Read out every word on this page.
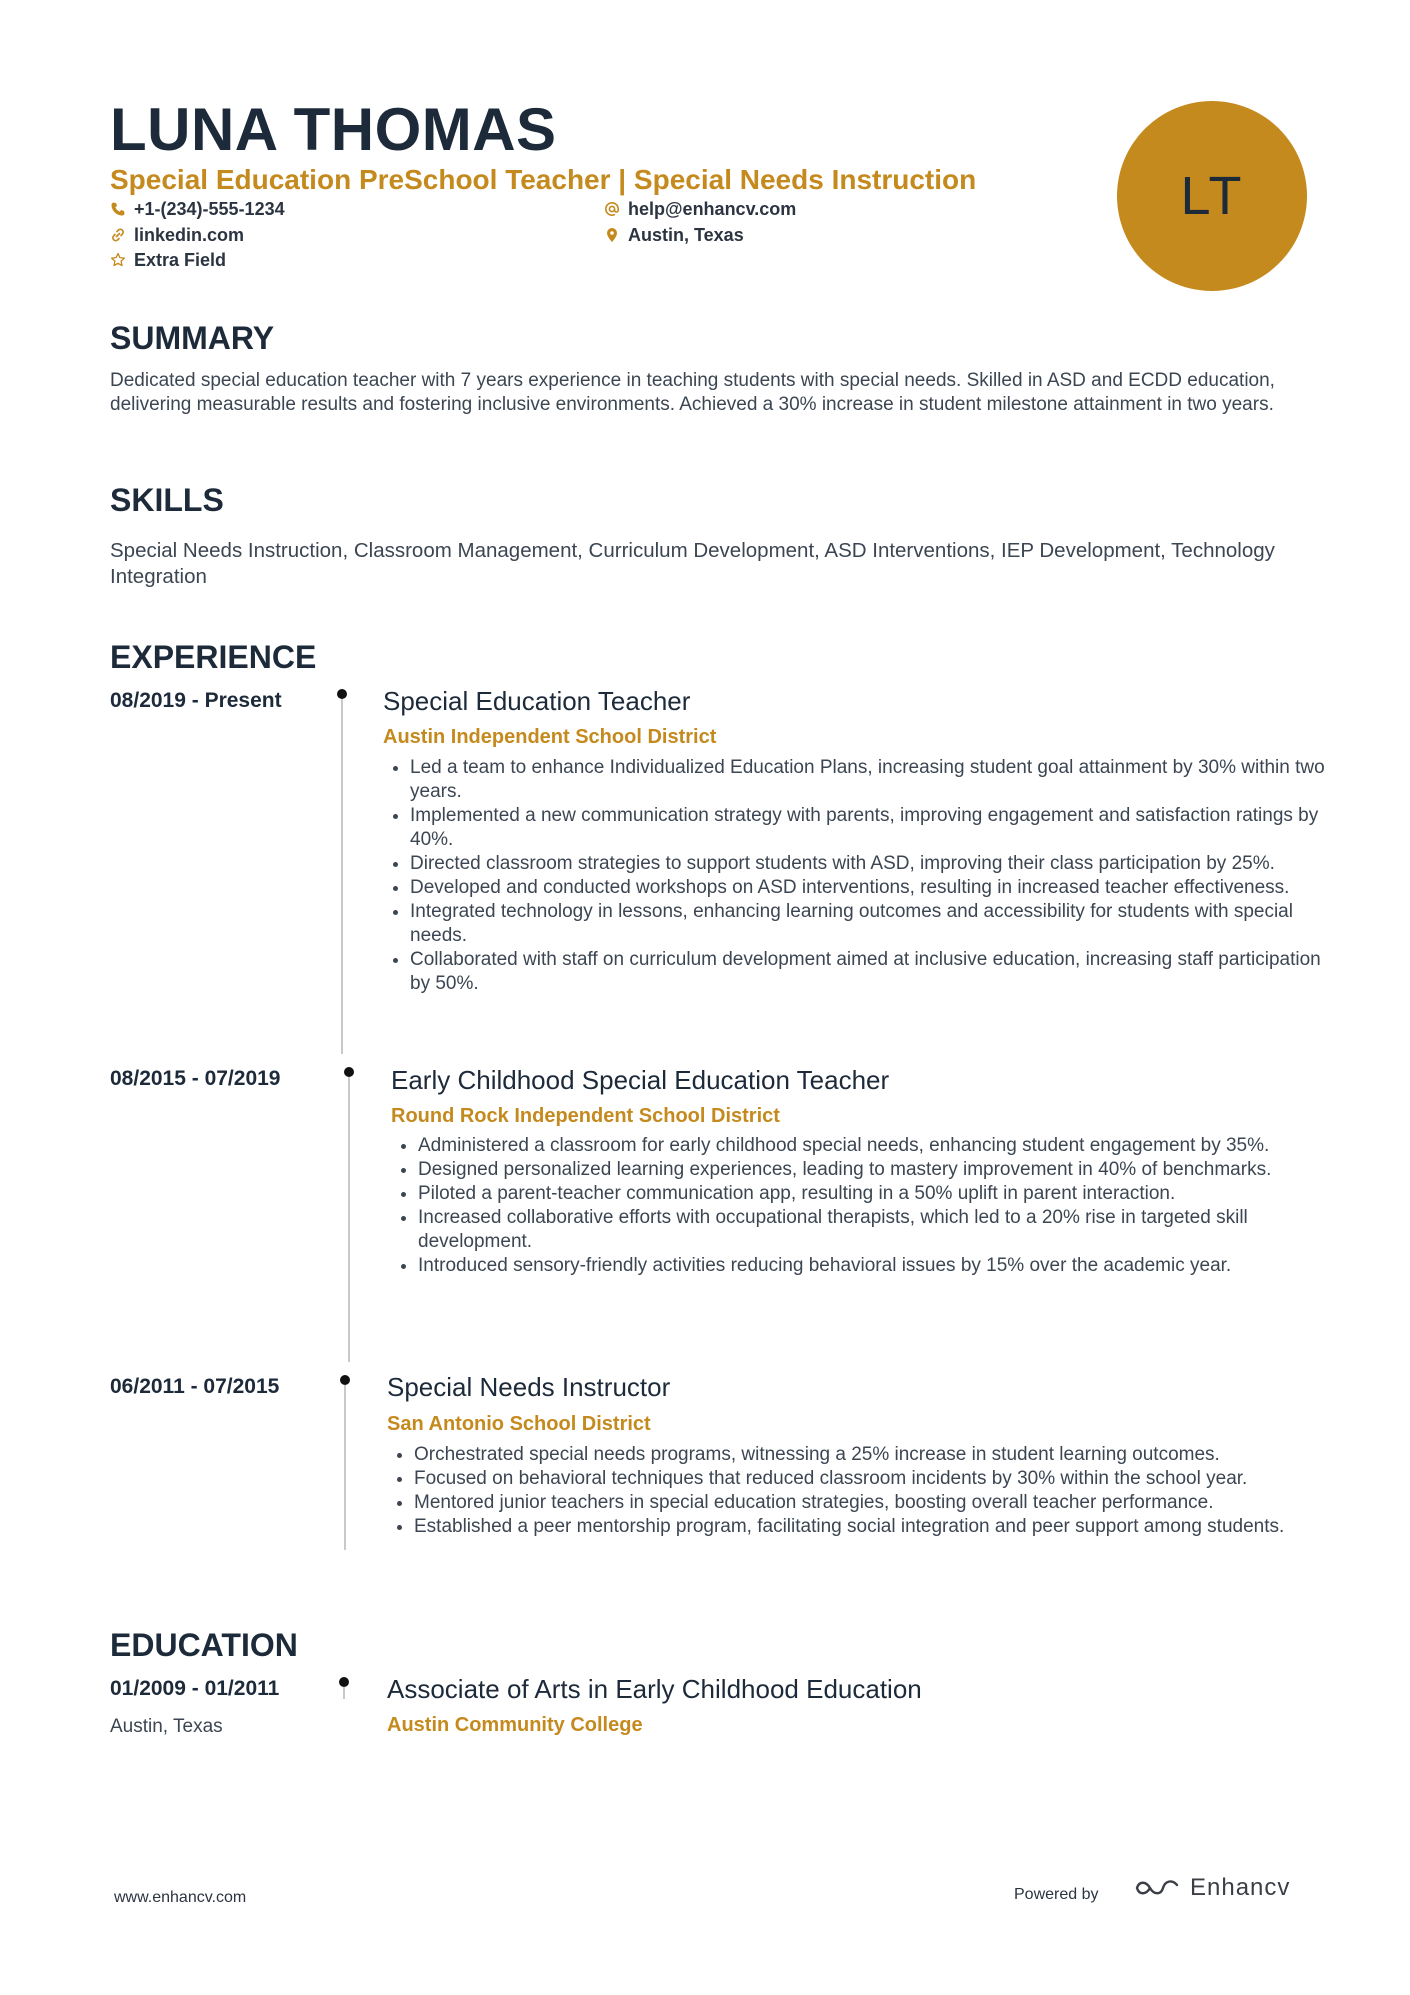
LUNA THOMAS
Special Education PreSchool Teacher | Special Needs Instruction
+1-(234)-555-1234	help@enhancv.com
linkedin.com	Austin, Texas
Extra Field
LT
SUMMARY

Dedicated special education teacher with 7 years experience in teaching students with special needs. Skilled in ASD and ECDD education, delivering measurable results and fostering inclusive environments. Achieved a 30% increase in student milestone attainment in two years.

SKILLS

Special Needs Instruction, Classroom Management, Curriculum Development, ASD Interventions, IEP Development, Technology Integration

EXPERIENCE
08/2019 - Present	Special Education Teacher
Austin Independent School District
• Led a team to enhance Individualized Education Plans, increasing student goal attainment by 30% within two years.
• Implemented a new communication strategy with parents, improving engagement and satisfaction ratings by 40%.
• Directed classroom strategies to support students with ASD, improving their class participation by 25%.
• Developed and conducted workshops on ASD interventions, resulting in increased teacher effectiveness.
• Integrated technology in lessons, enhancing learning outcomes and accessibility for students with special needs.
• Collaborated with staff on curriculum development aimed at inclusive education, increasing staff participation by 50%.
08/2015 - 07/2019	Early Childhood Special Education Teacher
Round Rock Independent School District
• Administered a classroom for early childhood special needs, enhancing student engagement by 35%.
• Designed personalized learning experiences, leading to mastery improvement in 40% of benchmarks.
• Piloted a parent-teacher communication app, resulting in a 50% uplift in parent interaction.
• Increased collaborative efforts with occupational therapists, which led to a 20% rise in targeted skill development.
• Introduced sensory-friendly activities reducing behavioral issues by 15% over the academic year.
06/2011 - 07/2015	Special Needs Instructor
San Antonio School District
• Orchestrated special needs programs, witnessing a 25% increase in student learning outcomes.
• Focused on behavioral techniques that reduced classroom incidents by 30% within the school year.
• Mentored junior teachers in special education strategies, boosting overall teacher performance.
• Established a peer mentorship program, facilitating social integration and peer support among students.
EDUCATION
01/2009 - 01/2011
Austin, Texas
Associate of Arts in Early Childhood Education
Austin Community College
www.enhancv.com	Powered by	Enhancv
